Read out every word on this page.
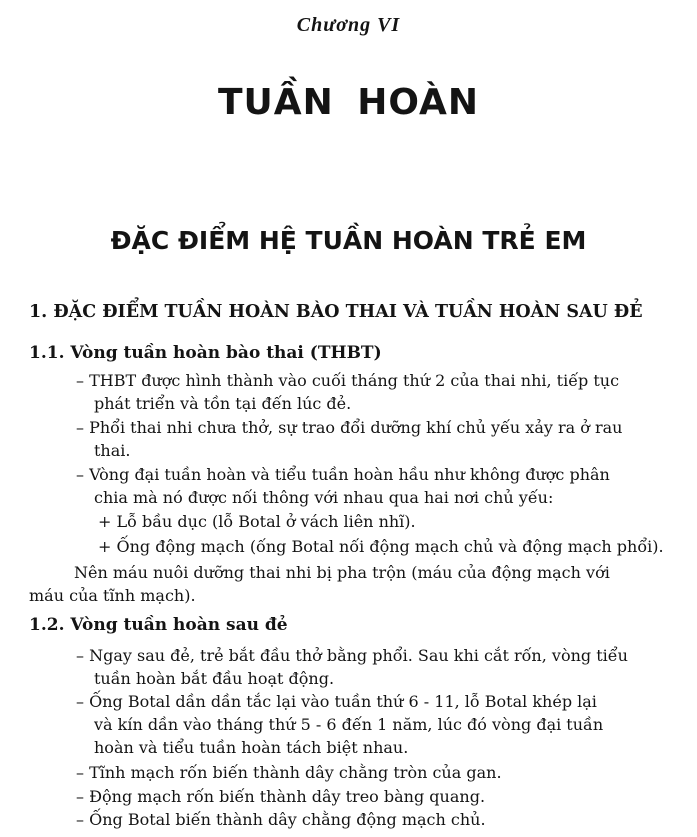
Chương VI
TUẦN HOÀN
ĐẶC ĐIỂM HỆ TUẦN HOÀN TRẺ EM
1. ĐẶC ĐIỂM TUẦN HOÀN BÀO THAI VÀ TUẦN HOÀN SAU ĐẺ
1.1. Vòng tuần hoàn bào thai (THBT)
– THBT được hình thành vào cuối tháng thứ 2 của thai nhi, tiếp tục
phát triển và tồn tại đến lúc đẻ.
– Phổi thai nhi chưa thở, sự trao đổi dưỡng khí chủ yếu xảy ra ở rau
thai.
– Vòng đại tuần hoàn và tiểu tuần hoàn hầu như không được phân
chia mà nó được nối thông với nhau qua hai nơi chủ yếu:
+ Lỗ bầu dục (lỗ Botal ở vách liên nhĩ).
+ Ống động mạch (ống Botal nối động mạch chủ và động mạch phổi).
Nên máu nuôi dưỡng thai nhi bị pha trộn (máu của động mạch với
máu của tĩnh mạch).
1.2. Vòng tuần hoàn sau đẻ
– Ngay sau đẻ, trẻ bắt đầu thở bằng phổi. Sau khi cắt rốn, vòng tiểu
tuần hoàn bắt đầu hoạt động.
– Ống Botal dần dần tắc lại vào tuần thứ 6 - 11, lỗ Botal khép lại
và kín dần vào tháng thứ 5 - 6 đến 1 năm, lúc đó vòng đại tuần
hoàn và tiểu tuần hoàn tách biệt nhau.
– Tĩnh mạch rốn biến thành dây chằng tròn của gan.
– Động mạch rốn biến thành dây treo bàng quang.
– Ống Botal biến thành dây chằng động mạch chủ.
